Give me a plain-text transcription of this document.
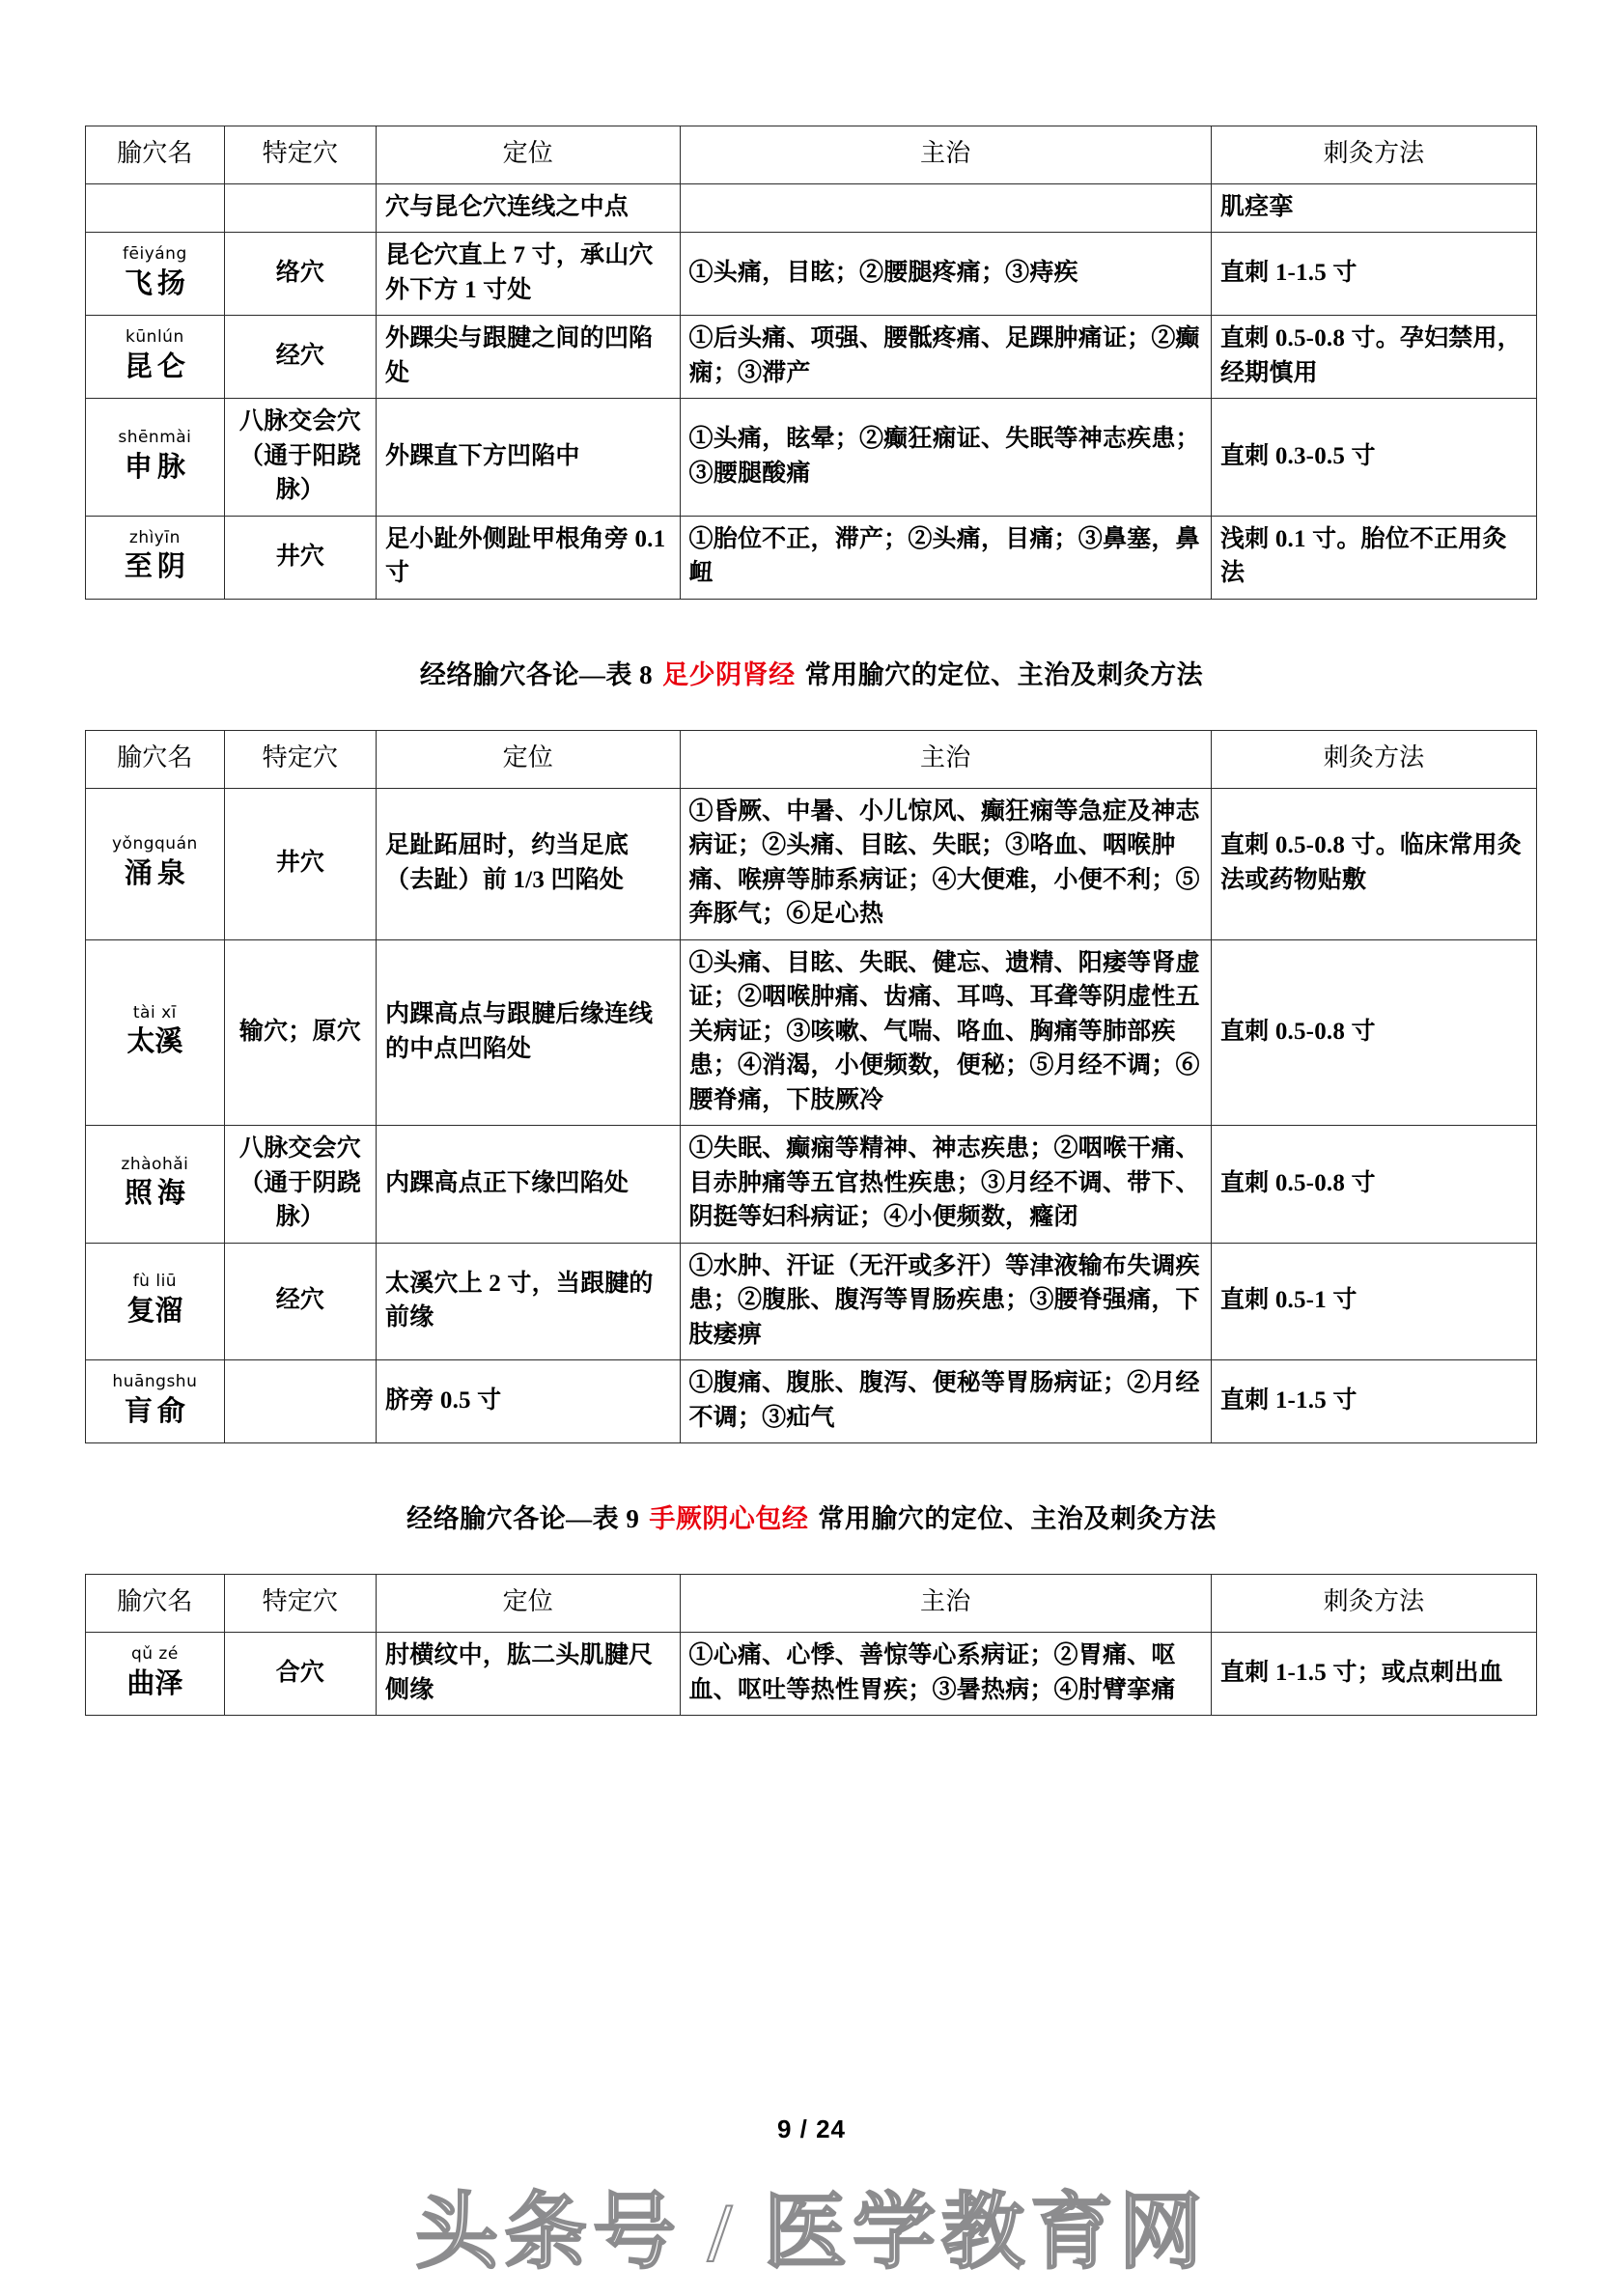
腧穴名	特定穴	定位	主治	刺灸方法

		穴与昆仑穴连线之中点		肌痉挛

fēiyáng
飞扬	络穴	昆仑穴直上 7 寸，承山穴外下方 1 寸处	①头痛，目眩；②腰腿疼痛；③痔疾	直刺 1-1.5 寸

kūnlún
昆仑	经穴	外踝尖与跟腱之间的凹陷处	①后头痛、项强、腰骶疼痛、足踝肿痛证；②癫痫；③滞产	直刺 0.5-0.8 寸。孕妇禁用，经期慎用

shēnmài
申脉	八脉交会穴（通于阳跷脉）	外踝直下方凹陷中	①头痛，眩晕；②癫狂痫证、失眠等神志疾患；③腰腿酸痛	直刺 0.3-0.5 寸

zhìyīn
至阴	井穴	足小趾外侧趾甲根角旁 0.1 寸	①胎位不正，滞产；②头痛，目痛；③鼻塞，鼻衄	浅刺 0.1 寸。胎位不正用灸法
经络腧穴各论—表 8 足少阴肾经 常用腧穴的定位、主治及刺灸方法
腧穴名	特定穴	定位	主治	刺灸方法

yǒngquán
涌泉	井穴	足趾跖屈时，约当足底（去趾）前 1/3 凹陷处	①昏厥、中暑、小儿惊风、癫狂痫等急症及神志病证；②头痛、目眩、失眠；③咯血、咽喉肿痛、喉痹等肺系病证；④大便难，小便不利；⑤奔豚气；⑥足心热	直刺 0.5-0.8 寸。临床常用灸法或药物贴敷

tài xī
太溪	输穴；原穴	内踝高点与跟腱后缘连线的中点凹陷处	①头痛、目眩、失眠、健忘、遗精、阳痿等肾虚证；②咽喉肿痛、齿痛、耳鸣、耳聋等阴虚性五关病证；③咳嗽、气喘、咯血、胸痛等肺部疾患；④消渴，小便频数，便秘；⑤月经不调；⑥腰脊痛，下肢厥冷	直刺 0.5-0.8 寸

zhàohǎi
照海	八脉交会穴（通于阴跷脉）	内踝高点正下缘凹陷处	①失眠、癫痫等精神、神志疾患；②咽喉干痛、目赤肿痛等五官热性疾患；③月经不调、带下、阴挺等妇科病证；④小便频数，癃闭	直刺 0.5-0.8 寸

fù liū
复溜	经穴	太溪穴上 2 寸，当跟腱的前缘	①水肿、汗证（无汗或多汗）等津液输布失调疾患；②腹胀、腹泻等胃肠疾患；③腰脊强痛，下肢痿痹	直刺 0.5-1 寸

huāngshu
肓俞		脐旁 0.5 寸	①腹痛、腹胀、腹泻、便秘等胃肠病证；②月经不调；③疝气	直刺 1-1.5 寸
经络腧穴各论—表 9 手厥阴心包经 常用腧穴的定位、主治及刺灸方法
腧穴名	特定穴	定位	主治	刺灸方法

qǔ zé
曲泽	合穴	肘横纹中，肱二头肌腱尺侧缘	①心痛、心悸、善惊等心系病证；②胃痛、呕血、呕吐等热性胃疾；③暑热病；④肘臂挛痛	直刺 1-1.5 寸；或点刺出血
9 / 24
头条号 / 医学教育网
